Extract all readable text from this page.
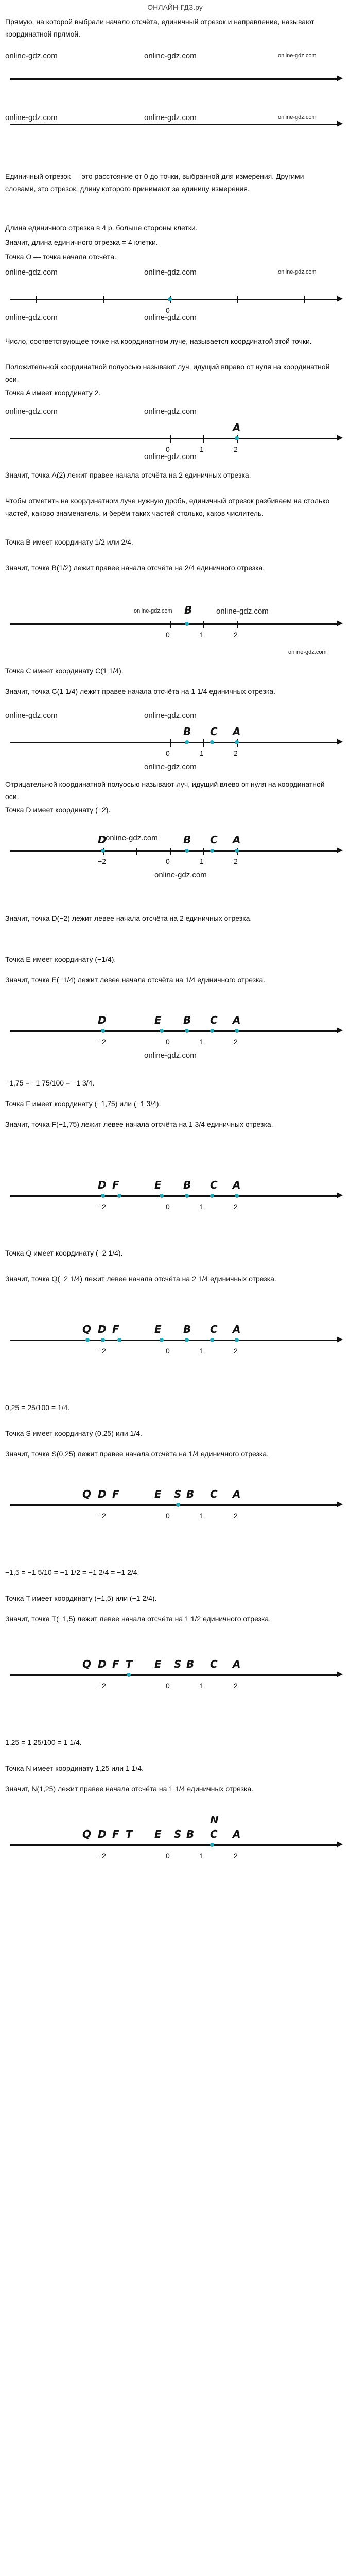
ОНЛАЙН-ГДЗ.ру
Прямую, на которой выбрали начало отсчёта, единичный отрезок и направление, называют координатной прямой.
online-gdz.com	online-gdz.com	online-gdz.com
online-gdz.com	online-gdz.com	online-gdz.com
Единичный отрезок — это расстояние от 0 до точки, выбранной для измерения. Другими словами, это отрезок, длину которого принимают за единицу измерения.
Длина единичного отрезка в 4 р. больше стороны клетки.
Значит, длина единичного отрезка = 4 клетки.
Точка O — точка начала отсчёта.
online-gdz.com	online-gdz.com	online-gdz.com
0
online-gdz.com	online-gdz.com
Число, соответствующее точке на координатном луче, называется координатой этой точки.
Положительной координатной полуосью называют луч, идущий вправо от нуля на координатной оси.
Точка A имеет координату 2.
online-gdz.com	online-gdz.com
A
0	1	2
online-gdz.com
Значит, точка A(2) лежит правее начала отсчёта на 2 единичных отрезка.
Чтобы отметить на координатном луче нужную дробь, единичный отрезок разбиваем на столько частей, каково знаменатель, и берём таких частей столько, каков числитель.
Точка B имеет координату 1/2 или 2/4.
Значит, точка B(1/2) лежит правее начала отсчёта на 2/4 единичного отрезка.
online-gdz.com B	online-gdz.com
0	1	2
online-gdz.com
Точка C имеет координату C(1 1/4).
Значит, точка C(1 1/4) лежит правее начала отсчёта на 1 1/4 единичных отрезка.
online-gdz.com	online-gdz.com
B C A
0	1	2
online-gdz.com
Отрицательной координатной полуосью называют луч, идущий влево от нуля на координатной оси.
Точка D имеет координату (−2).
D
online-gdz.com B C A
−2	0	1	2
online-gdz.com
Значит, точка D(−2) лежит левее начала отсчёта на 2 единичных отрезка.
Точка E имеет координату (−1/4).
Значит, точка E(−1/4) лежит левее начала отсчёта на 1/4 единичного отрезка.
D	E B C A
−2	0	1	2
online-gdz.com
−1,75 = −1 75/100 = −1 3/4.
Точка F имеет координату (−1,75) или (−1 3/4).
Значит, точка F(−1,75) лежит левее начала отсчёта на 1 3/4 единичных отрезка.
D F	E B C A
−2	0	1	2
Точка Q имеет координату (−2 1/4).
Значит, точка Q(−2 1/4) лежит левее начала отсчёта на 2 1/4 единичных отрезка.
Q D F	E B C A
−2	0	1	2
0,25 = 25/100 = 1/4.
Точка S имеет координату (0,25) или 1/4.
Значит, точка S(0,25) лежит правее начала отсчёта на 1/4 единичного отрезка.
Q D F	E S B C A
−2	0	1	2
−1,5 = −1 5/10 = −1 1/2 = −1 2/4 = −1 2/4.
Точка T имеет координату (−1,5) или (−1 2/4).
Значит, точка T(−1,5) лежит левее начала отсчёта на 1 1/2 единичного отрезка.
Q D F T E S B C A
−2	0	1	2
1,25 = 1 25/100 = 1 1/4.
Точка N имеет координату 1,25 или 1 1/4.
Значит, N(1,25) лежит правее начала отсчёта на 1 1/4 единичных отрезка.
N
Q D F T E S B C A
−2	0	1	2
